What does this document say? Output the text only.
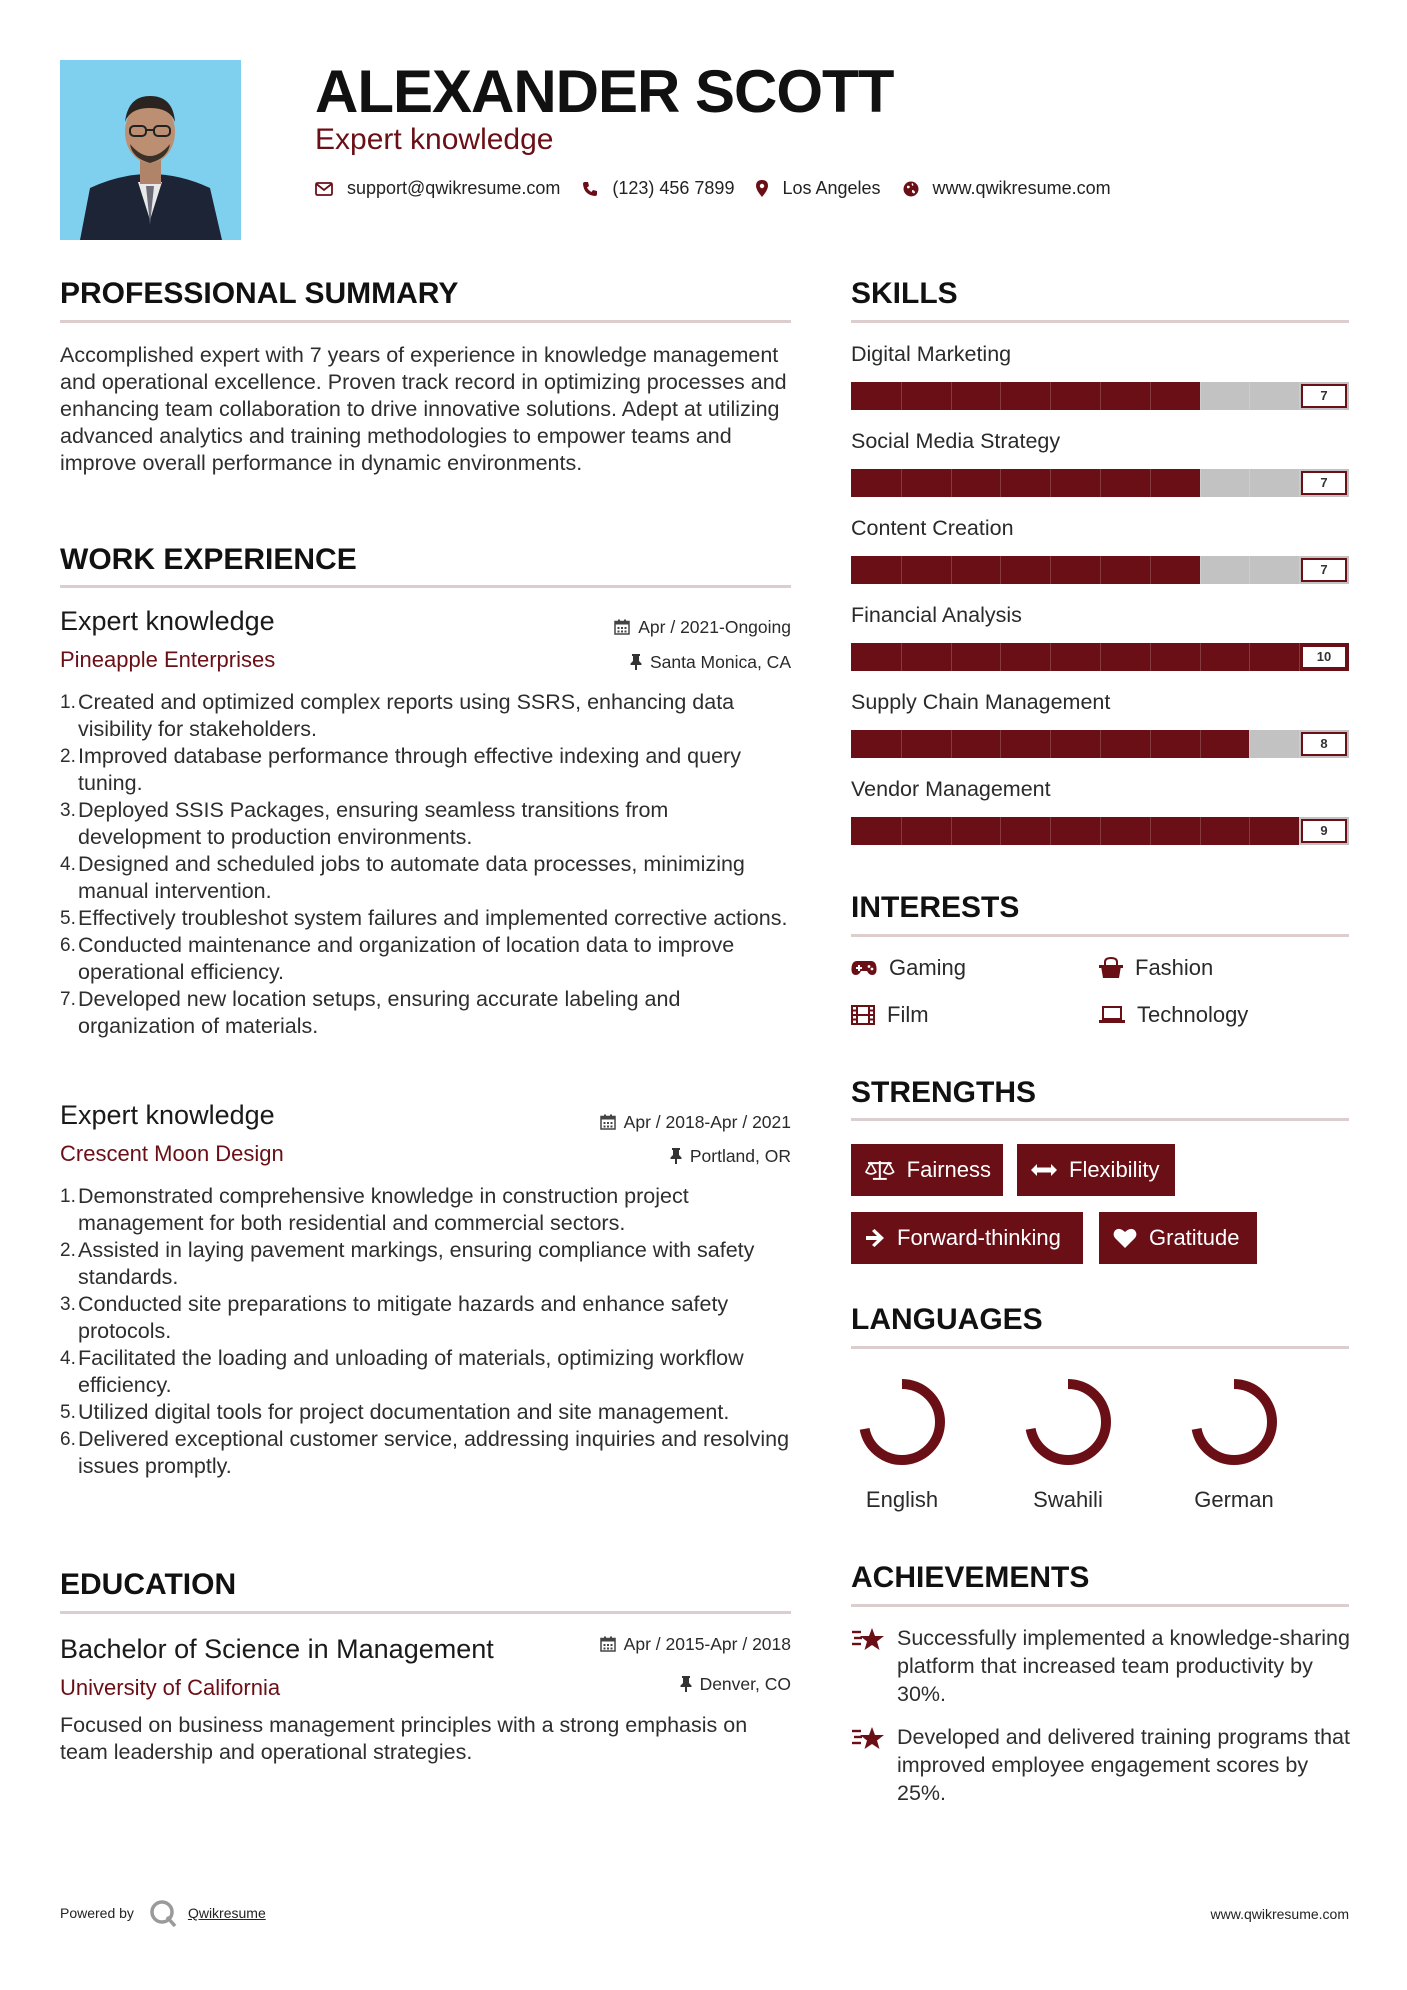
ALEXANDER SCOTT
Expert knowledge
support@qwikresume.com	(123) 456 7899	Los Angeles	www.qwikresume.com
PROFESSIONAL SUMMARY
Accomplished expert with 7 years of experience in knowledge management and operational excellence. Proven track record in optimizing processes and enhancing team collaboration to drive innovative solutions. Adept at utilizing advanced analytics and training methodologies to empower teams and improve overall performance in dynamic environments.
WORK EXPERIENCE
Expert knowledge
Pineapple Enterprises
Apr / 2021-Ongoing
Santa Monica, CA
Created and optimized complex reports using SSRS, enhancing data visibility for stakeholders.
Improved database performance through effective indexing and query tuning.
Deployed SSIS Packages, ensuring seamless transitions from development to production environments.
Designed and scheduled jobs to automate data processes, minimizing manual intervention.
Effectively troubleshot system failures and implemented corrective actions.
Conducted maintenance and organization of location data to improve operational efficiency.
Developed new location setups, ensuring accurate labeling and organization of materials.
Expert knowledge
Crescent Moon Design
Apr / 2018-Apr / 2021
Portland, OR
Demonstrated comprehensive knowledge in construction project management for both residential and commercial sectors.
Assisted in laying pavement markings, ensuring compliance with safety standards.
Conducted site preparations to mitigate hazards and enhance safety protocols.
Facilitated the loading and unloading of materials, optimizing workflow efficiency.
Utilized digital tools for project documentation and site management.
Delivered exceptional customer service, addressing inquiries and resolving issues promptly.
EDUCATION
Bachelor of Science in Management
University of California
Apr / 2015-Apr / 2018
Denver, CO
Focused on business management principles with a strong emphasis on team leadership and operational strategies.
SKILLS
Digital Marketing
7
Social Media Strategy
7
Content Creation
7
Financial Analysis
10
Supply Chain Management
8
Vendor Management
9
INTERESTS
Gaming	Fashion
Film	Technology
STRENGTHS
Fairness	Flexibility
Forward-thinking	Gratitude
LANGUAGES
English	Swahili	German
ACHIEVEMENTS
Successfully implemented a knowledge-sharing platform that increased team productivity by 30%.
Developed and delivered training programs that improved employee engagement scores by 25%.
Powered by	Qwikresume	www.qwikresume.com
